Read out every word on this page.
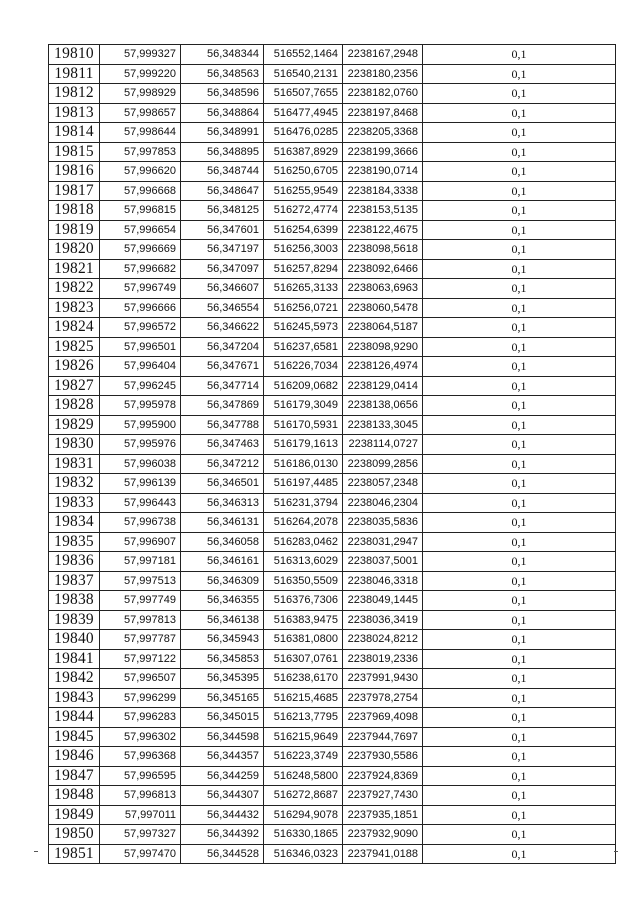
19810	57,999327	56,348344	516552,1464	2238167,2948	0,1
19811	57,999220	56,348563	516540,2131	2238180,2356	0,1
19812	57,998929	56,348596	516507,7655	2238182,0760	0,1
19813	57,998657	56,348864	516477,4945	2238197,8468	0,1
19814	57,998644	56,348991	516476,0285	2238205,3368	0,1
19815	57,997853	56,348895	516387,8929	2238199,3666	0,1
19816	57,996620	56,348744	516250,6705	2238190,0714	0,1
19817	57,996668	56,348647	516255,9549	2238184,3338	0,1
19818	57,996815	56,348125	516272,4774	2238153,5135	0,1
19819	57,996654	56,347601	516254,6399	2238122,4675	0,1
19820	57,996669	56,347197	516256,3003	2238098,5618	0,1
19821	57,996682	56,347097	516257,8294	2238092,6466	0,1
19822	57,996749	56,346607	516265,3133	2238063,6963	0,1
19823	57,996666	56,346554	516256,0721	2238060,5478	0,1
19824	57,996572	56,346622	516245,5973	2238064,5187	0,1
19825	57,996501	56,347204	516237,6581	2238098,9290	0,1
19826	57,996404	56,347671	516226,7034	2238126,4974	0,1
19827	57,996245	56,347714	516209,0682	2238129,0414	0,1
19828	57,995978	56,347869	516179,3049	2238138,0656	0,1
19829	57,995900	56,347788	516170,5931	2238133,3045	0,1
19830	57,995976	56,347463	516179,1613	2238114,0727	0,1
19831	57,996038	56,347212	516186,0130	2238099,2856	0,1
19832	57,996139	56,346501	516197,4485	2238057,2348	0,1
19833	57,996443	56,346313	516231,3794	2238046,2304	0,1
19834	57,996738	56,346131	516264,2078	2238035,5836	0,1
19835	57,996907	56,346058	516283,0462	2238031,2947	0,1
19836	57,997181	56,346161	516313,6029	2238037,5001	0,1
19837	57,997513	56,346309	516350,5509	2238046,3318	0,1
19838	57,997749	56,346355	516376,7306	2238049,1445	0,1
19839	57,997813	56,346138	516383,9475	2238036,3419	0,1
19840	57,997787	56,345943	516381,0800	2238024,8212	0,1
19841	57,997122	56,345853	516307,0761	2238019,2336	0,1
19842	57,996507	56,345395	516238,6170	2237991,9430	0,1
19843	57,996299	56,345165	516215,4685	2237978,2754	0,1
19844	57,996283	56,345015	516213,7795	2237969,4098	0,1
19845	57,996302	56,344598	516215,9649	2237944,7697	0,1
19846	57,996368	56,344357	516223,3749	2237930,5586	0,1
19847	57,996595	56,344259	516248,5800	2237924,8369	0,1
19848	57,996813	56,344307	516272,8687	2237927,7430	0,1
19849	57,997011	56,344432	516294,9078	2237935,1851	0,1
19850	57,997327	56,344392	516330,1865	2237932,9090	0,1
19851	57,997470	56,344528	516346,0323	2237941,0188	0,1
